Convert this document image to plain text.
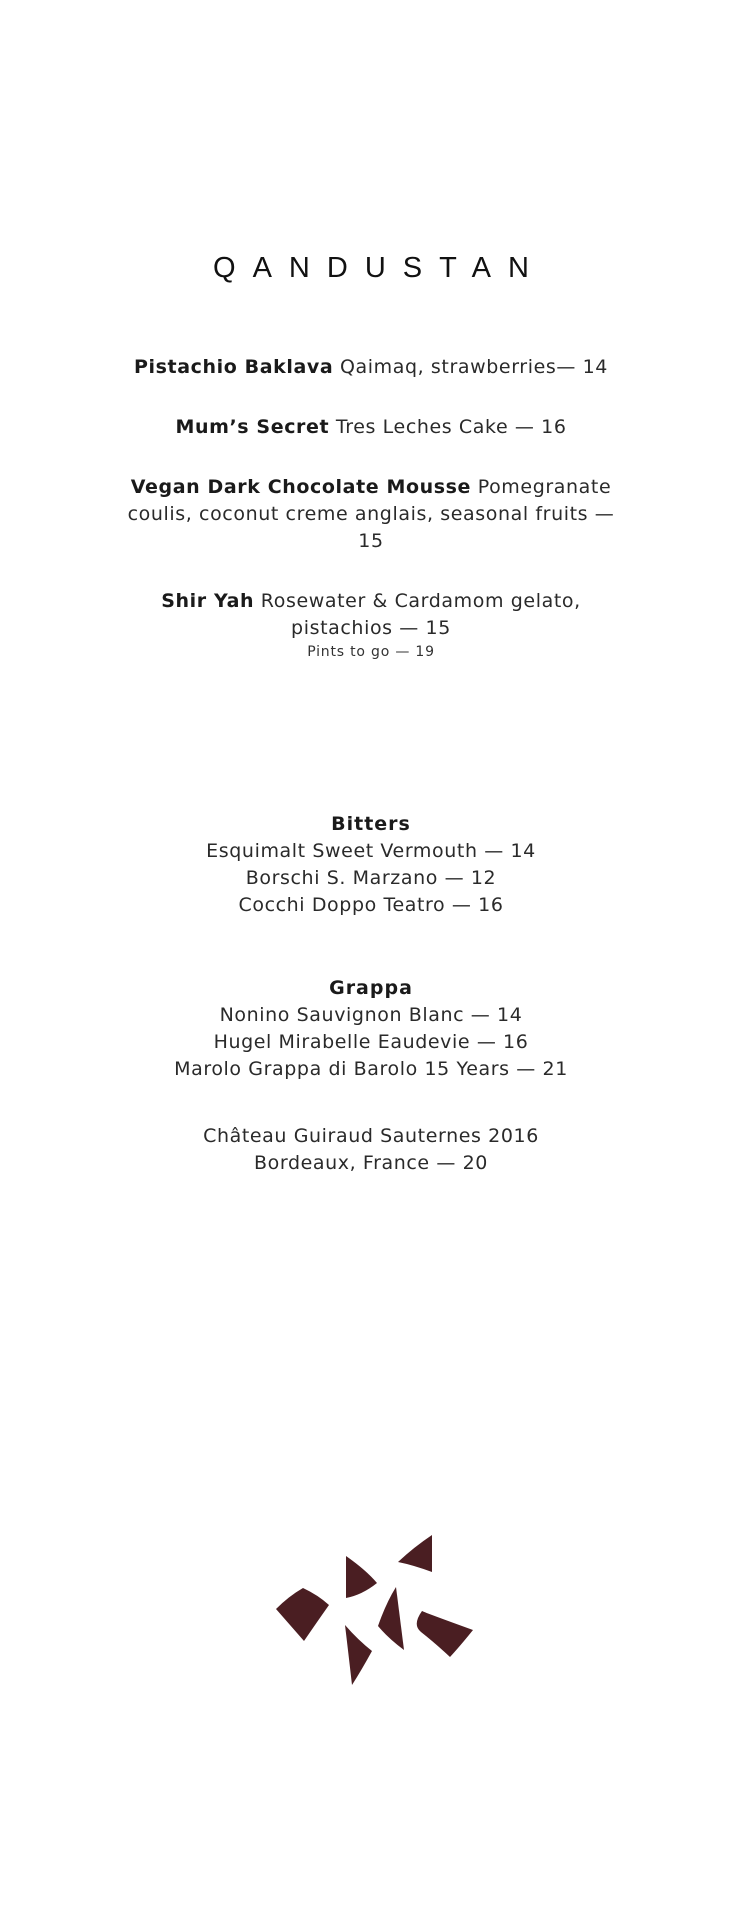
QANDUSTAN
Pistachio Baklava Qaimaq, strawberries— 14
Mum’s Secret Tres Leches Cake — 16
Vegan Dark Chocolate Mousse Pomegranate coulis, coconut creme anglais, seasonal fruits — 15
Shir Yah Rosewater & Cardamom gelato, pistachios — 15
Pints to go — 19
Bitters
Esquimalt Sweet Vermouth — 14
Borschi S. Marzano — 12
Cocchi Doppo Teatro — 16
Grappa
Nonino Sauvignon Blanc — 14
Hugel Mirabelle Eaudevie — 16
Marolo Grappa di Barolo 15 Years — 21
Château Guiraud Sauternes 2016
Bordeaux, France — 20
